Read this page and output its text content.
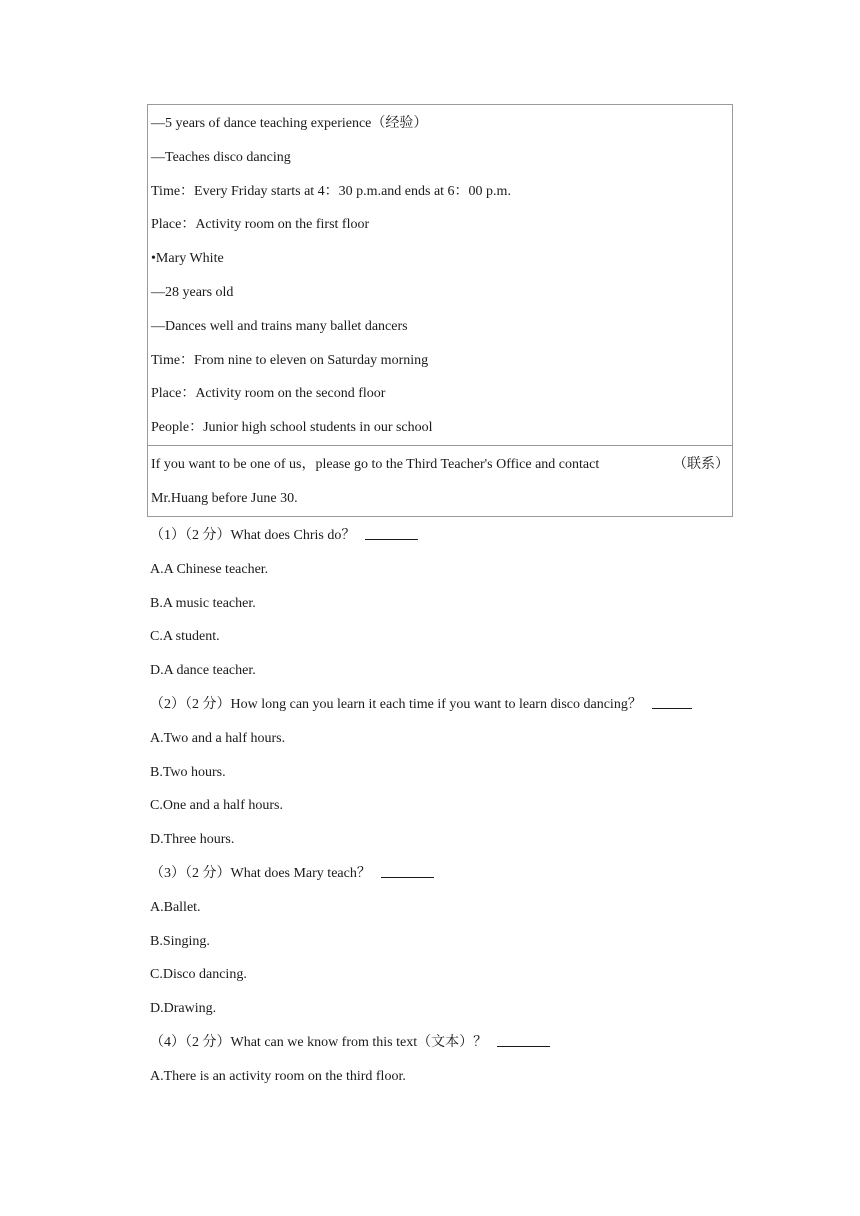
—5 years of dance teaching experience（经验）
—Teaches disco dancing
Time：Every Friday starts at 4：30 p.m.and ends at 6：00 p.m.
Place：Activity room on the first floor
•Mary White
—28 years old
—Dances well and trains many ballet dancers
Time：From nine to eleven on Saturday morning
Place：Activity room on the second floor
People：Junior high school students in our school
If you want to be one of us，please go to the Third Teacher's Office and contact	（联系）
Mr.Huang before June 30.
（1）（2 分）What does Chris do？
A.A Chinese teacher.
B.A music teacher.
C.A student.
D.A dance teacher.
（2）（2 分）How long can you learn it each time if you want to learn disco dancing？
A.Two and a half hours.
B.Two hours.
C.One and a half hours.
D.Three hours.
（3）（2 分）What does Mary teach？
A.Ballet.
B.Singing.
C.Disco dancing.
D.Drawing.
（4）（2 分）What can we know from this text（文本）？
A.There is an activity room on the third floor.
